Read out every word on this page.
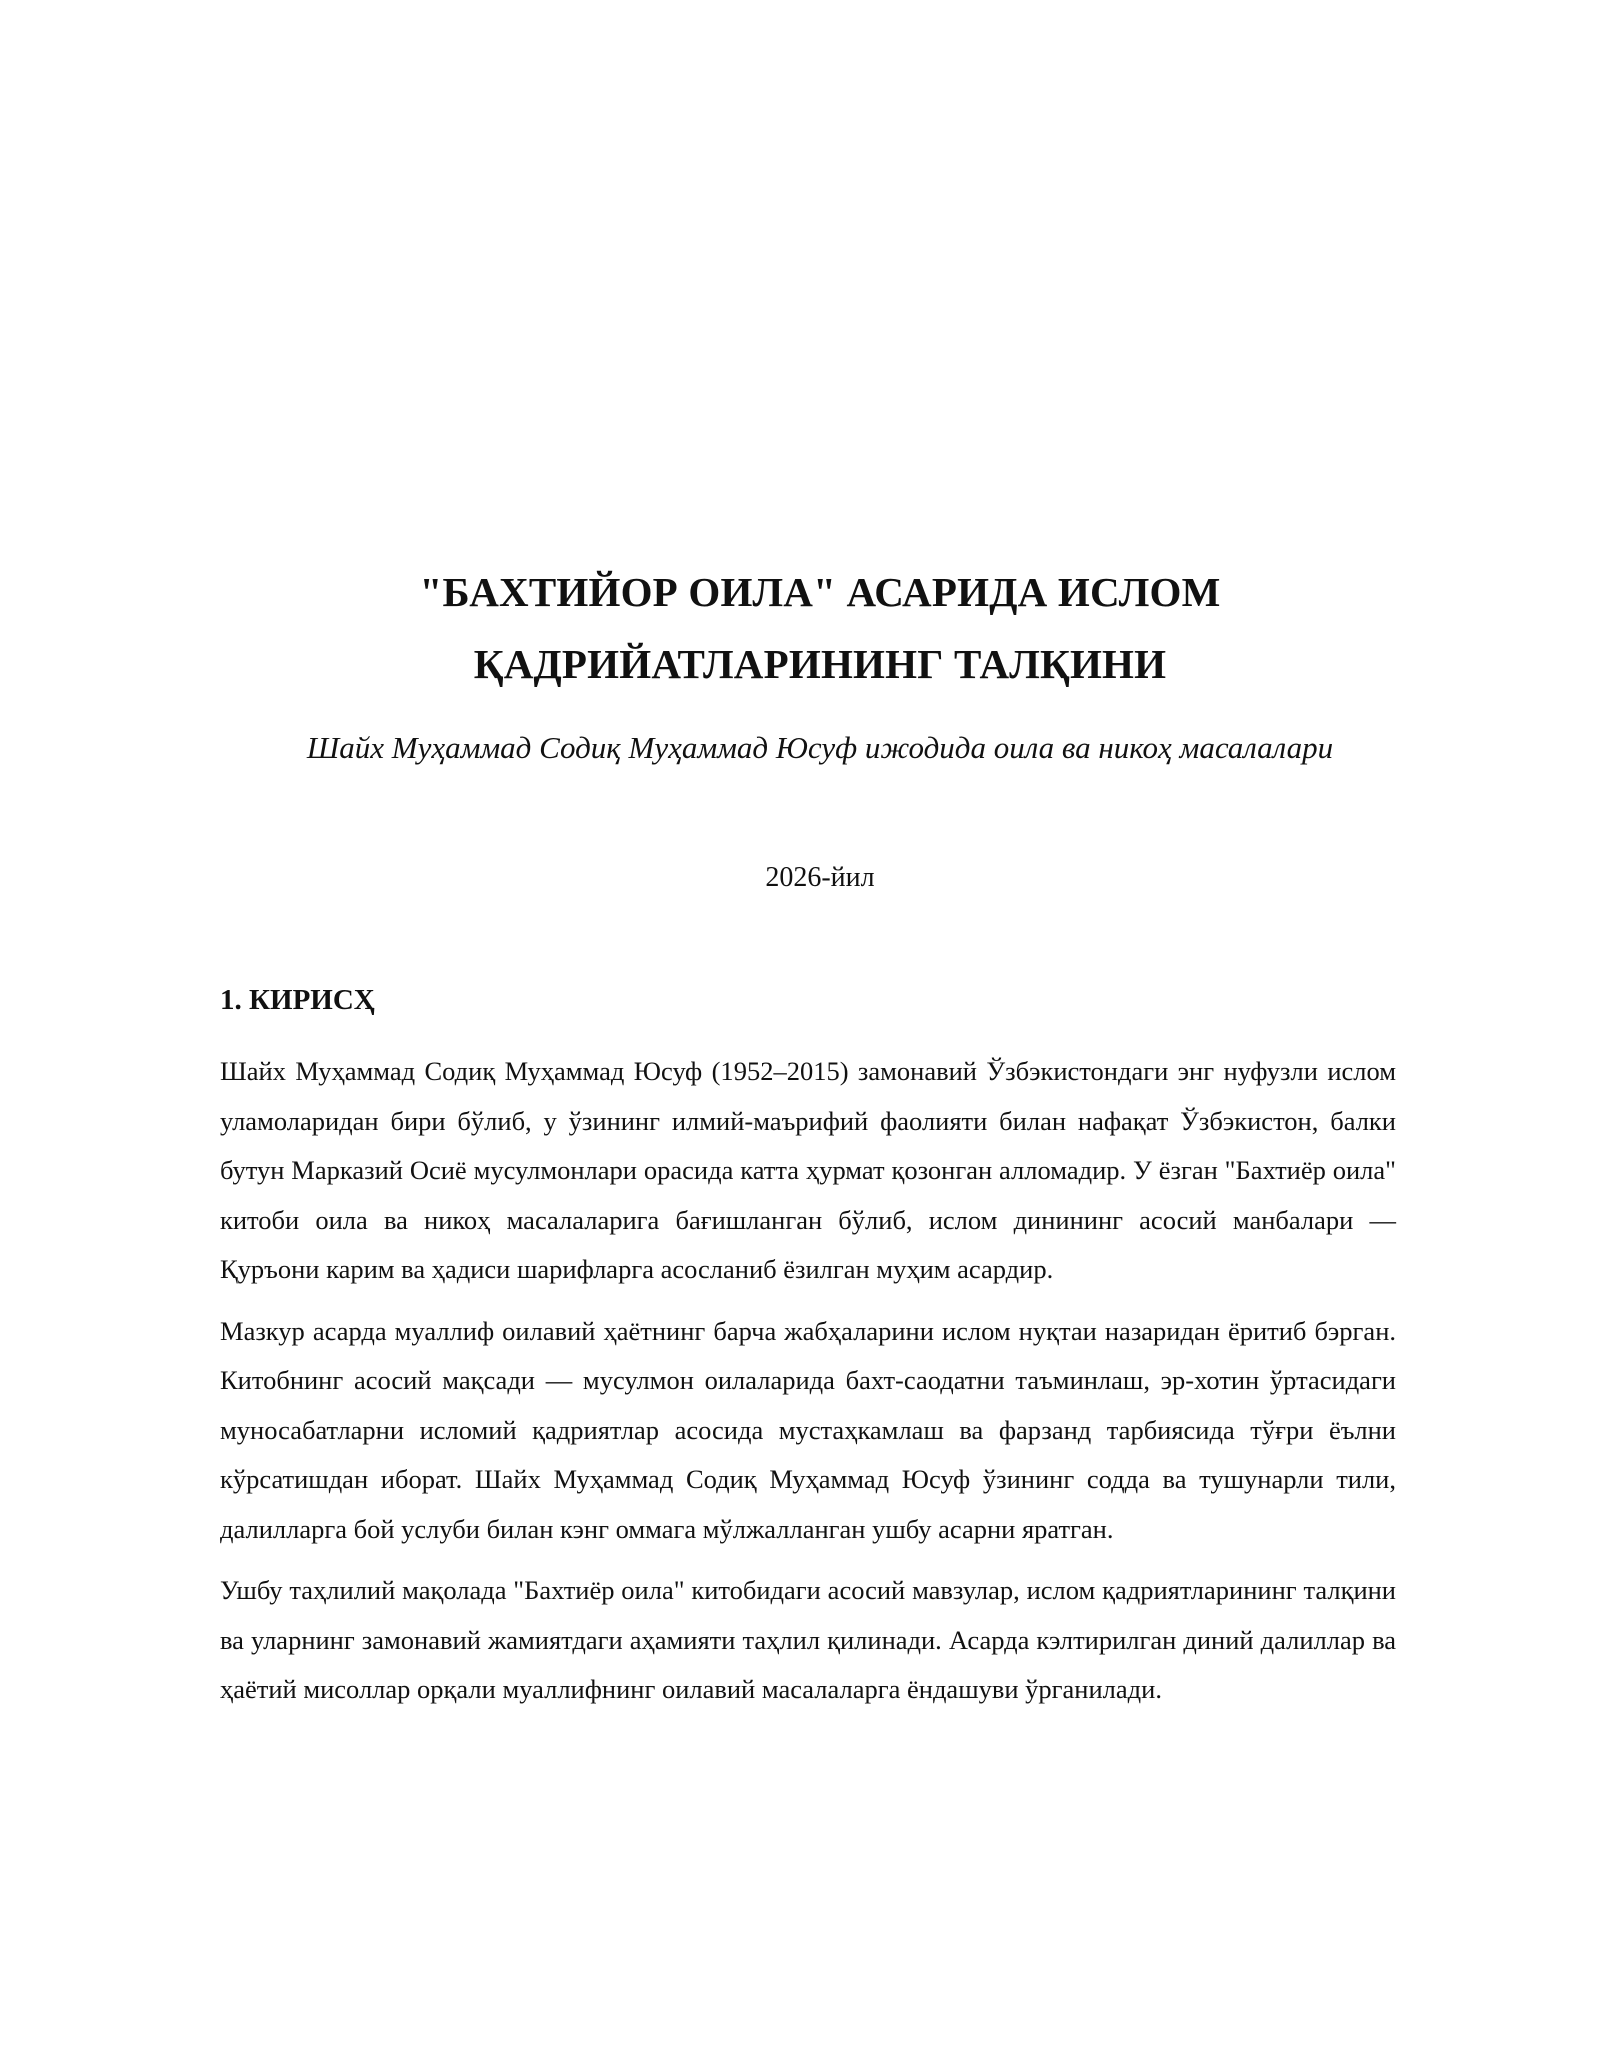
"БАХТИЙОР ОИЛА" АСАРИДА ИСЛОМ

ҚАДРИЙАТЛАРИНИНГ ТАЛҚИНИ

Шайх Муҳаммад Содиқ Муҳаммад Юсуф ижодида оила ва никоҳ масалалари
2026-йил
1. КИРИСҲ

Шайх Муҳаммад Содиқ Муҳаммад Юсуф (1952–2015) замонавий Ўзбэкистондаги энг нуфузли ислом уламоларидан бири бўлиб, у ўзининг илмий-маърифий фаолияти билан нафақат Ўзбэкистон, балки бутун Марказий Осиё мусулмонлари орасида катта ҳурмат қозонган алломадир. У ёзган "Бахтиёр оила" китоби оила ва никоҳ масалаларига бағишланган бўлиб, ислом динининг асосий манбалари — Қуръони карим ва ҳадиси шарифларга асосланиб ёзилган муҳим асардир.

Мазкур асарда муаллиф оилавий ҳаётнинг барча жабҳаларини ислом нуқтаи назаридан ёритиб бэрган. Китобнинг асосий мақсади — мусулмон оилаларида бахт-саодатни таъминлаш, эр-хотин ўртасидаги муносабатларни исломий қадриятлар асосида мустаҳкамлаш ва фарзанд тарбиясида тўғри ёълни кўрсатишдан иборат. Шайх Муҳаммад Содиқ Муҳаммад Юсуф ўзининг содда ва тушунарли тили, далилларга бой услуби билан кэнг оммага мўлжалланган ушбу асарни яратган.

Ушбу таҳлилий мақолада "Бахтиёр оила" китобидаги асосий мавзулар, ислом қадриятларининг талқини ва уларнинг замонавий жамиятдаги аҳамияти таҳлил қилинади. Асарда кэлтирилган диний далиллар ва ҳаётий мисоллар орқали муаллифнинг оилавий масалаларга ёндашуви ўрганилади.
